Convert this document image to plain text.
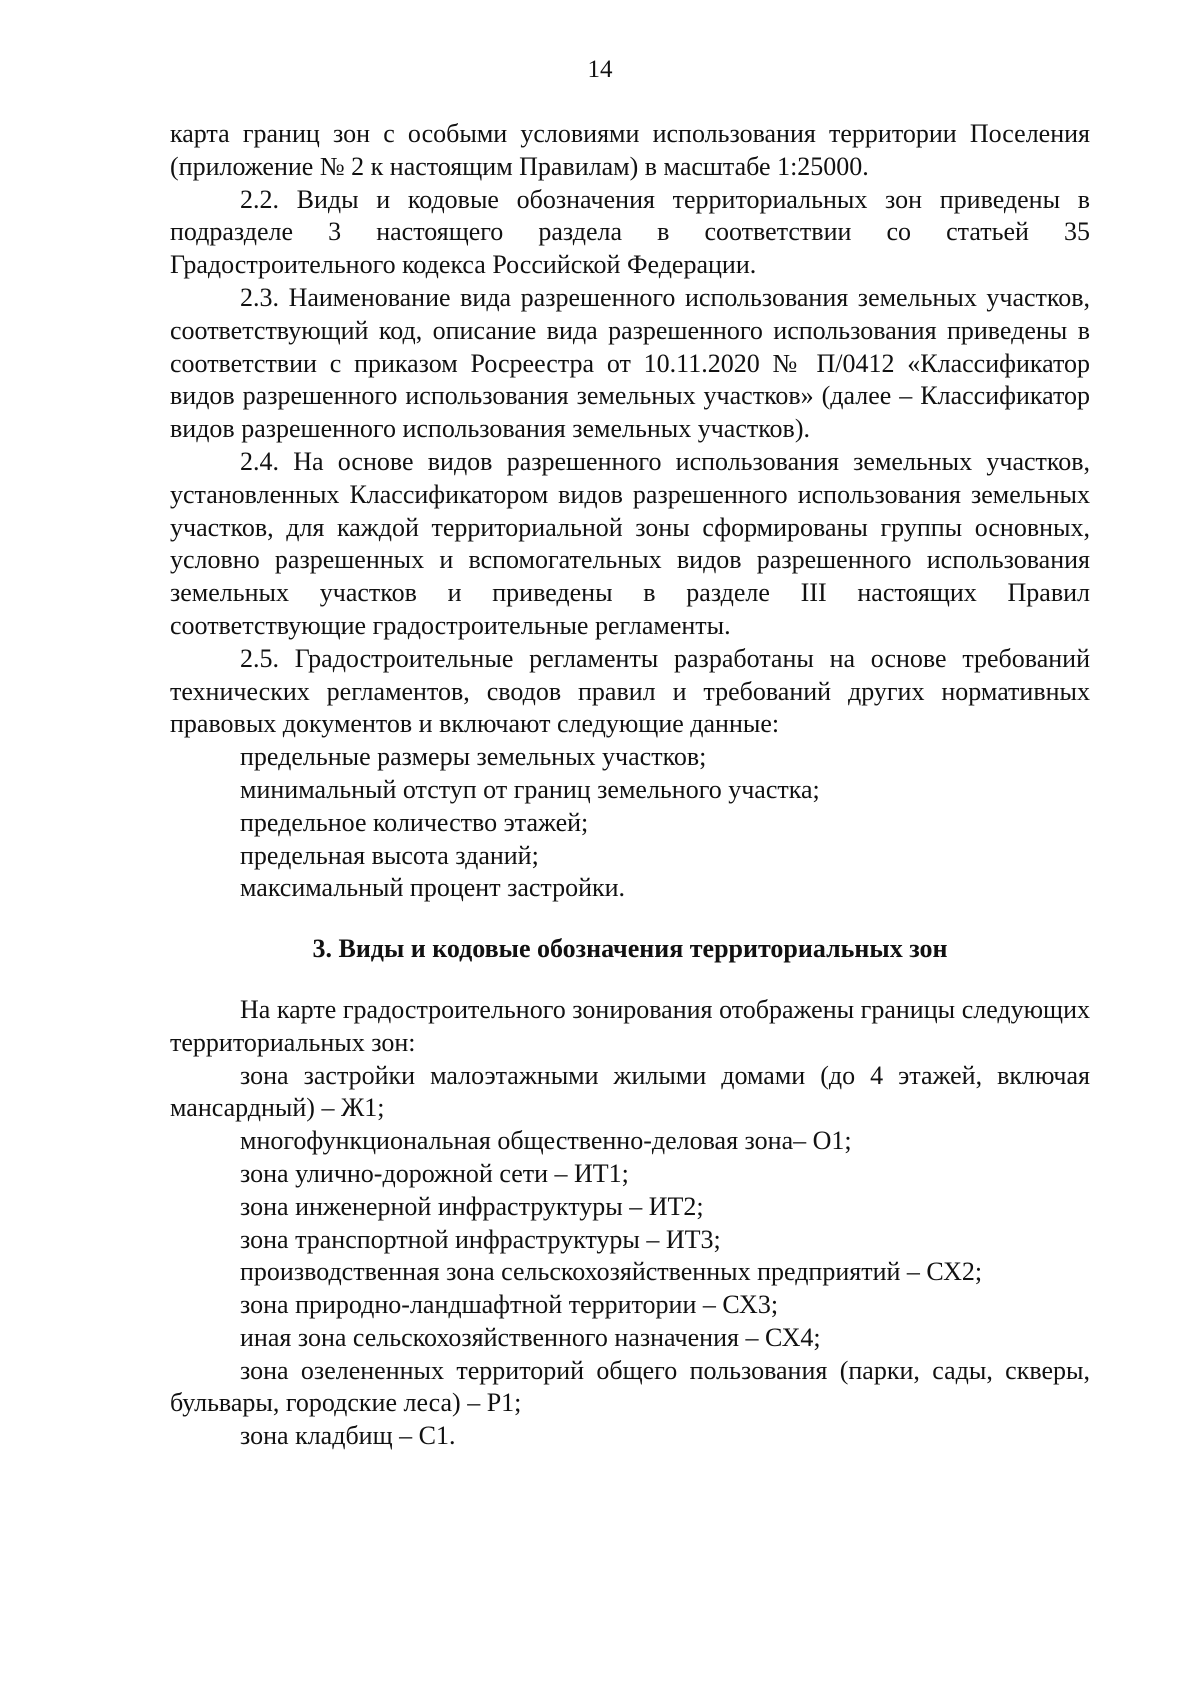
14

карта границ зон с особыми условиями использования территории Поселения (приложение № 2 к настоящим Правилам) в масштабе 1:25000.

2.2. Виды и кодовые обозначения территориальных зон приведены в подразделе 3 настоящего раздела в соответствии со статьей 35 Градостроительного кодекса Российской Федерации.

2.3. Наименование вида разрешенного использования земельных участков, соответствующий код, описание вида разрешенного использования приведены в соответствии с приказом Росреестра от 10.11.2020 № П/0412 «Классификатор видов разрешенного использования земельных участков» (далее – Классификатор видов разрешенного использования земельных участков).

2.4. На основе видов разрешенного использования земельных участков, установленных Классификатором видов разрешенного использования земельных участков, для каждой территориальной зоны сформированы группы основных, условно разрешенных и вспомогательных видов разрешенного использования земельных участков и приведены в разделе III настоящих Правил соответствующие градостроительные регламенты.

2.5. Градостроительные регламенты разработаны на основе требований технических регламентов, сводов правил и требований других нормативных правовых документов и включают следующие данные:

предельные размеры земельных участков;

минимальный отступ от границ земельного участка;

предельное количество этажей;

предельная высота зданий;

максимальный процент застройки.

3. Виды и кодовые обозначения территориальных зон

На карте градостроительного зонирования отображены границы следующих территориальных зон:

зона застройки малоэтажными жилыми домами (до 4 этажей, включая мансардный) – Ж1;

многофункциональная общественно-деловая зона– О1;

зона улично-дорожной сети – ИТ1;

зона инженерной инфраструктуры – ИТ2;

зона транспортной инфраструктуры – ИТ3;

производственная зона сельскохозяйственных предприятий – СХ2;

зона природно-ландшафтной территории – СХ3;

иная зона сельскохозяйственного назначения – СХ4;

зона озелененных территорий общего пользования (парки, сады, скверы, бульвары, городские леса) – Р1;

зона кладбищ – С1.
